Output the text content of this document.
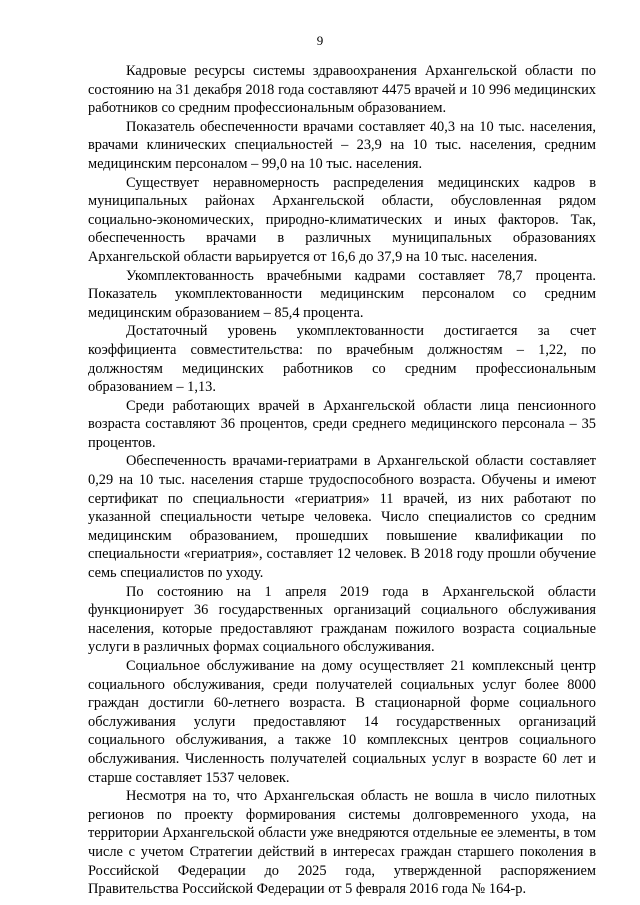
9

Кадровые ресурсы системы здравоохранения Архангельской области по состоянию на 31 декабря 2018 года составляют 4475 врачей и 10 996 медицинских работников со средним профессиональным образованием.

Показатель обеспеченности врачами составляет 40,3 на 10 тыс. населения, врачами клинических специальностей – 23,9 на 10 тыс. населения, средним медицинским персоналом – 99,0 на 10 тыс. населения.

Существует неравномерность распределения медицинских кадров в муниципальных районах Архангельской области, обусловленная рядом социально-экономических, природно-климатических и иных факторов. Так, обеспеченность врачами в различных муниципальных образованиях Архангельской области варьируется от 16,6 до 37,9 на 10 тыс. населения.

Укомплектованность врачебными кадрами составляет 78,7 процента. Показатель укомплектованности медицинским персоналом со средним медицинским образованием – 85,4 процента.

Достаточный уровень укомплектованности достигается за счет коэффициента совместительства: по врачебным должностям – 1,22, по должностям медицинских работников со средним профессиональным образованием – 1,13.

Среди работающих врачей в Архангельской области лица пенсионного возраста составляют 36 процентов, среди среднего медицинского персонала – 35 процентов.

Обеспеченность врачами-гериатрами в Архангельской области составляет 0,29 на 10 тыс. населения старше трудоспособного возраста. Обучены и имеют сертификат по специальности «гериатрия» 11 врачей, из них работают по указанной специальности четыре человека. Число специалистов со средним медицинским образованием, прошедших повышение квалификации по специальности «гериатрия», составляет 12 человек. В 2018 году прошли обучение семь специалистов по уходу.

По состоянию на 1 апреля 2019 года в Архангельской области функционирует 36 государственных организаций социального обслуживания населения, которые предоставляют гражданам пожилого возраста социальные услуги в различных формах социального обслуживания.

Социальное обслуживание на дому осуществляет 21 комплексный центр социального обслуживания, среди получателей социальных услуг более 8000 граждан достигли 60-летнего возраста. В стационарной форме социального обслуживания услуги предоставляют 14 государственных организаций социального обслуживания, а также 10 комплексных центров социального обслуживания. Численность получателей социальных услуг в возрасте 60 лет и старше составляет 1537 человек.

Несмотря на то, что Архангельская область не вошла в число пилотных регионов по проекту формирования системы долговременного ухода, на территории Архангельской области уже внедряются отдельные ее элементы, в том числе с учетом Стратегии действий в интересах граждан старшего поколения в Российской Федерации до 2025 года, утвержденной распоряжением Правительства Российской Федерации от 5 февраля 2016 года № 164-р.
